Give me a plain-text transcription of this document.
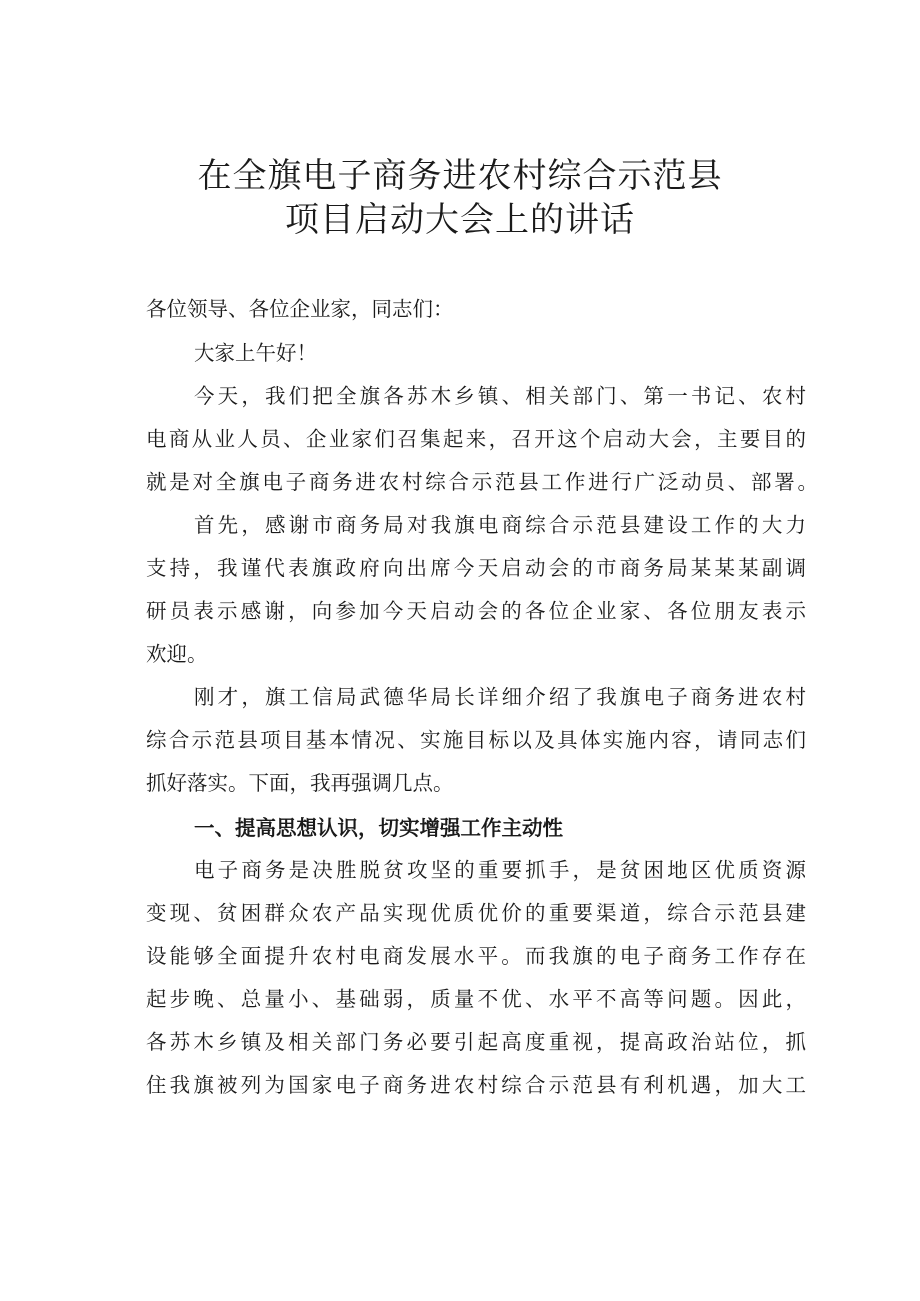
在全旗电子商务进农村综合示范县
项目启动大会上的讲话

各位领导、各位企业家，同志们：

大家上午好！

今天，我们把全旗各苏木乡镇、相关部门、第一书记、农村

电商从业人员、企业家们召集起来，召开这个启动大会，主要目的

就是对全旗电子商务进农村综合示范县工作进行广泛动员、部署。

首先，感谢市商务局对我旗电商综合示范县建设工作的大力

支持，我谨代表旗政府向出席今天启动会的市商务局某某某副调

研员表示感谢，向参加今天启动会的各位企业家、各位朋友表示

欢迎。

刚才，旗工信局武德华局长详细介绍了我旗电子商务进农村

综合示范县项目基本情况、实施目标以及具体实施内容，请同志们

抓好落实。下面，我再强调几点。

一、提高思想认识，切实增强工作主动性

电子商务是决胜脱贫攻坚的重要抓手，是贫困地区优质资源

变现、贫困群众农产品实现优质优价的重要渠道，综合示范县建

设能够全面提升农村电商发展水平。而我旗的电子商务工作存在

起步晚、总量小、基础弱，质量不优、水平不高等问题。因此，

各苏木乡镇及相关部门务必要引起高度重视，提高政治站位，抓

住我旗被列为国家电子商务进农村综合示范县有利机遇，加大工
